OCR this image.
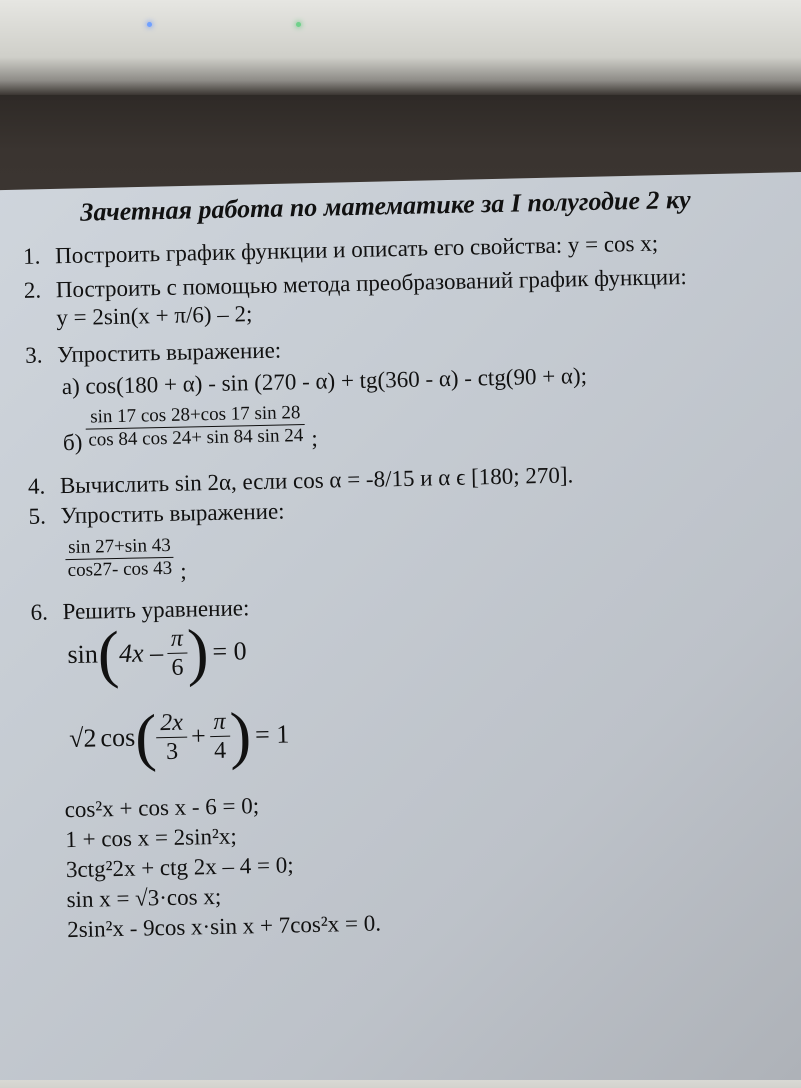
Зачетная работа по математике за I полугодие 2 ку
1. Построить график функции и описать его свойства: у = cos x;
2. Построить с помощью метода преобразований график функции:
у = 2sin(x + π/6) – 2;
3. Упростить выражение:
а) cos(180 + α) - sin (270 - α) + tg(360 - α) - ctg(90 + α);
$б) \frac{\sin 17 \cos 28+\cos 17 \sin 28}{\cos 84 \cos 24+ \sin 84 \sin 24}$ ;
4. Вычислить sin 2α, если cos α = -8/15 и α ϵ [180; 270].
5. Упростить выражение:
$\frac{\sin 27+\sin 43}{\cos 27- \cos 43}$ ;
6. Решить уравнение:
sin
(
$4x - \frac{\pi}{6}$
) = 0
√2 cos
(
$\frac{2x}{3} + \frac{\pi}{4}$
) = 1
cos²x + cos x - 6 = 0;
1 + cos x = 2sin²x;
3ctg²2x + ctg 2x – 4 = 0;
sin x = √3·cos x;
2sin²x - 9cos x·sin x + 7cos²x = 0.
